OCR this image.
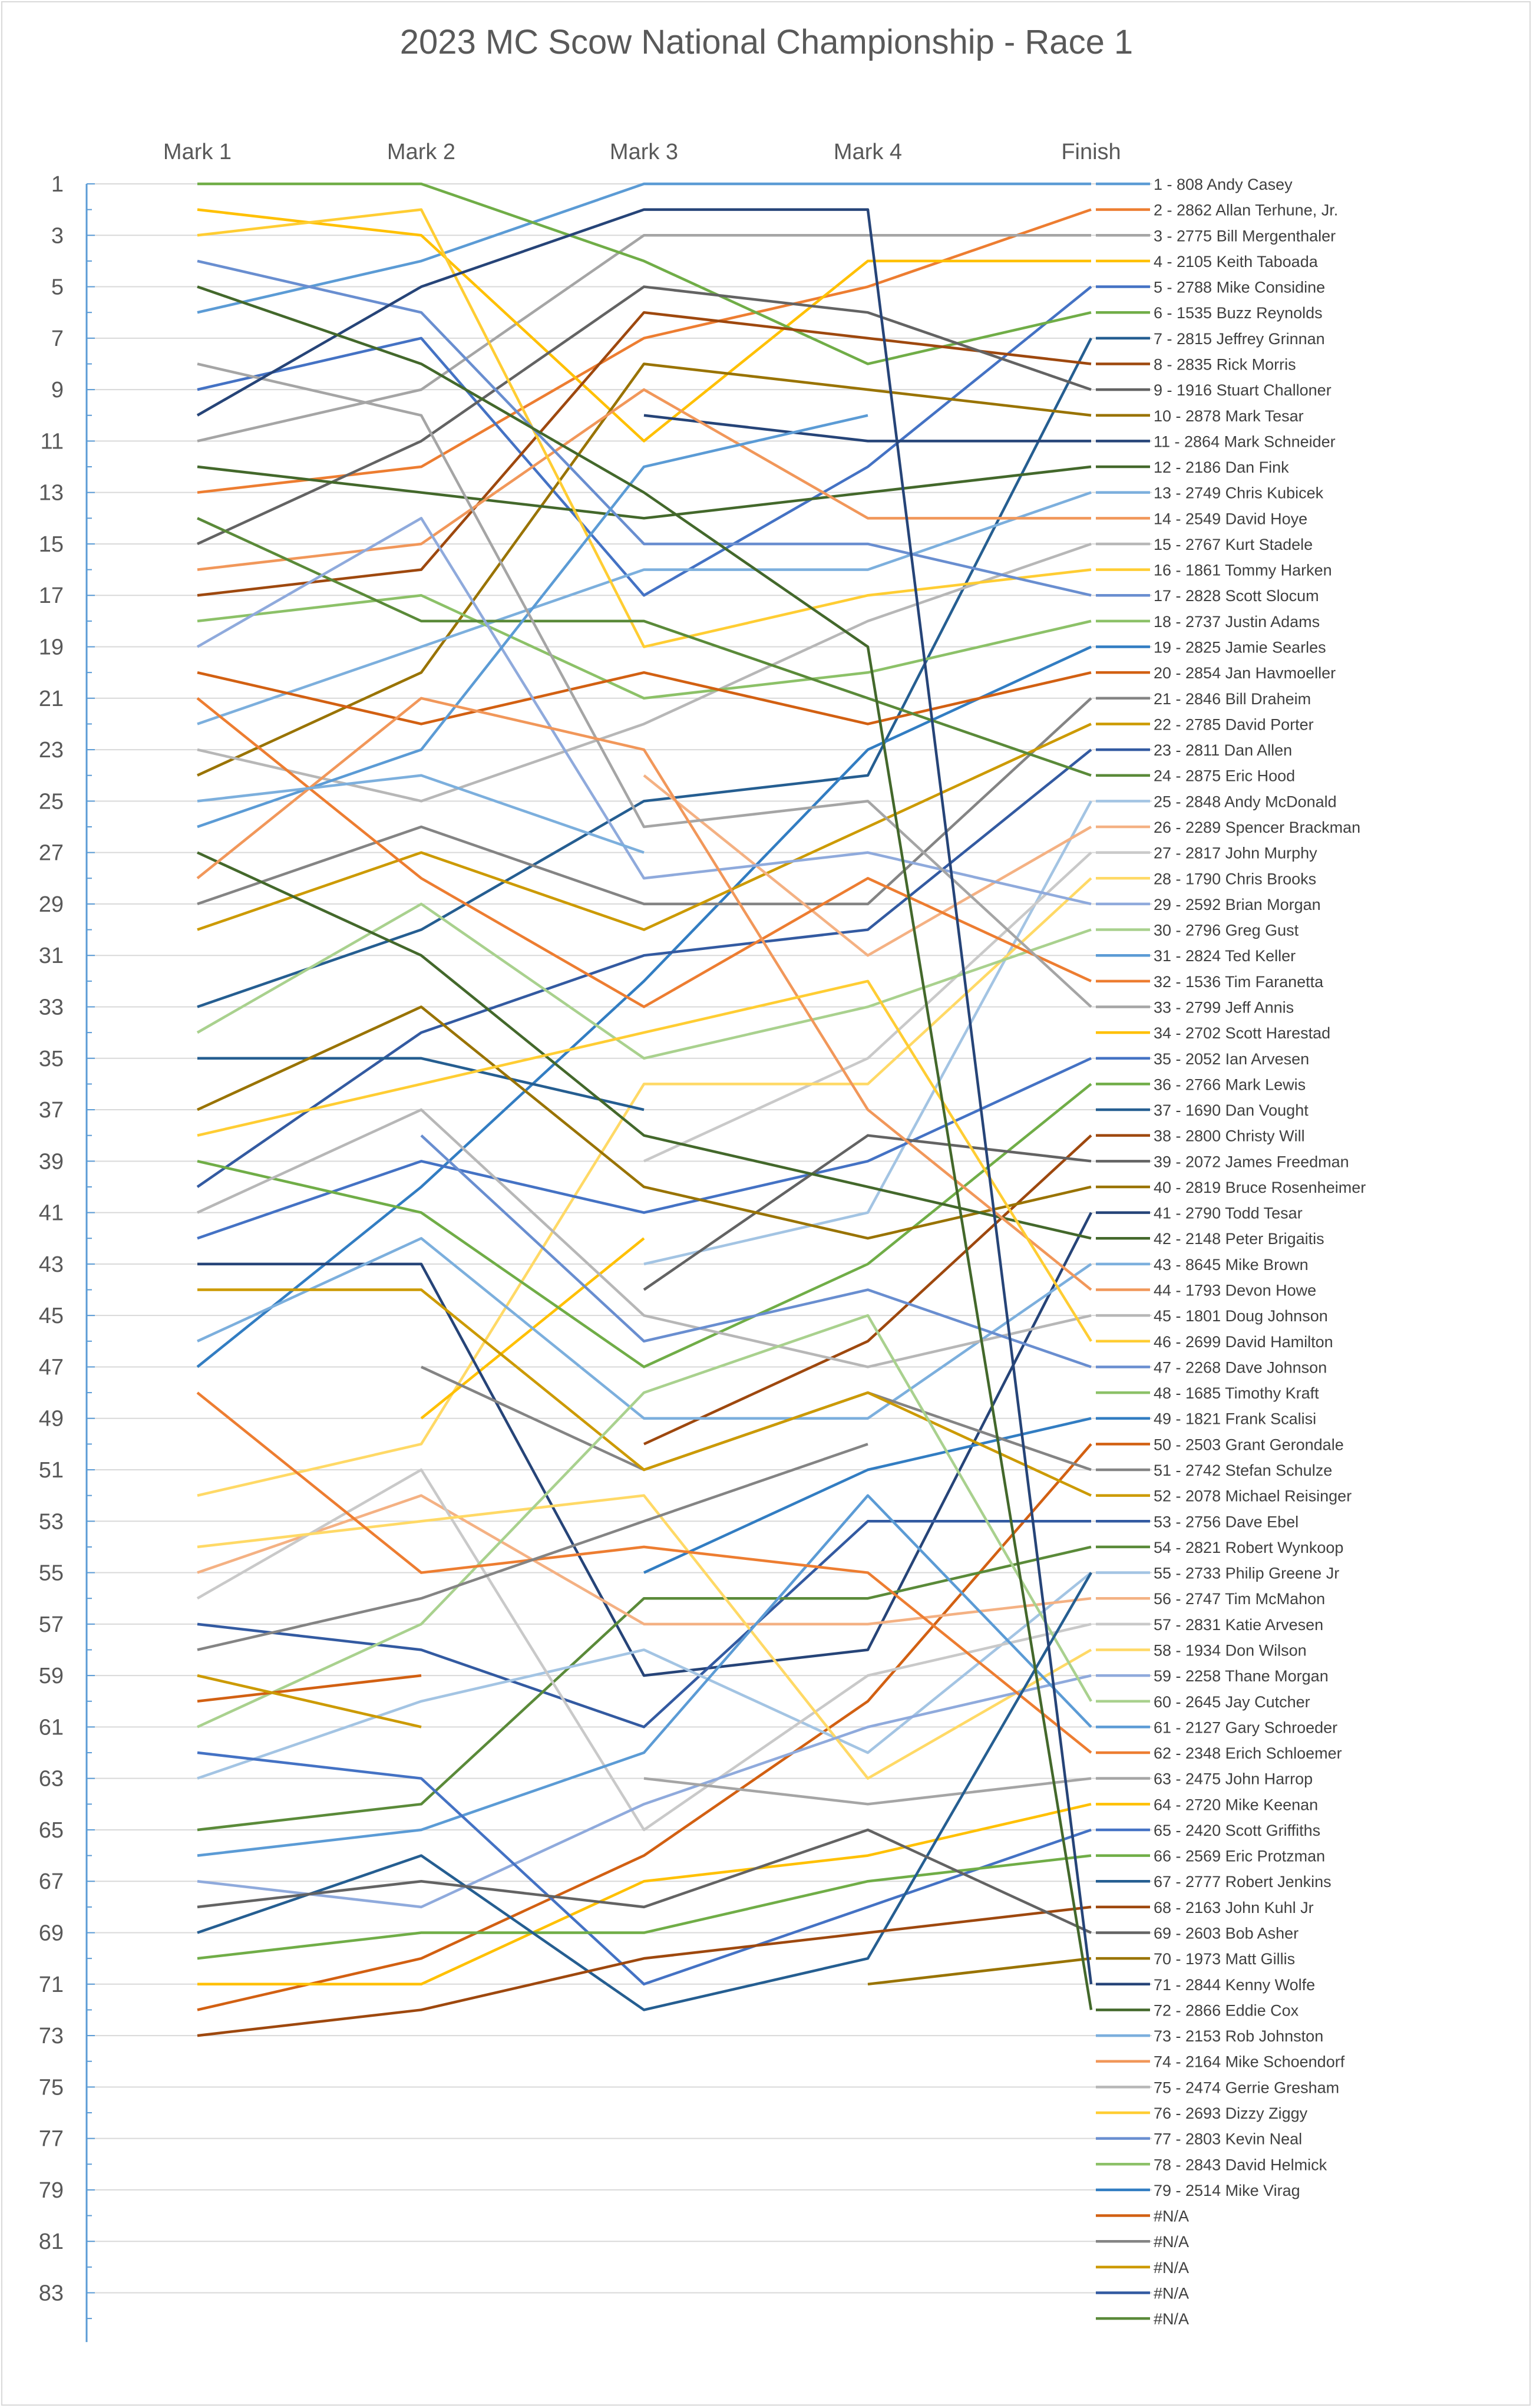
2023 MC Scow National Championship - Race 1
1
3
5
7
9
11
13
15
17
19
21
23
25
27
29
31
33
35
37
39
41
43
45
47
49
51
53
55
57
59
61
63
65
67
69
71
73
75
77
79
81
83
Mark 1	Mark 2	Mark 3	Mark 4	Finish
1 - 808 Andy Casey
2 - 2862 Allan Terhune, Jr.
3 - 2775 Bill Mergenthaler
4 - 2105 Keith Taboada
5 - 2788 Mike Considine
6 - 1535 Buzz Reynolds
7 - 2815 Jeffrey Grinnan
8 - 2835 Rick Morris
9 - 1916 Stuart Challoner
10 - 2878 Mark Tesar
11 - 2864 Mark Schneider
12 - 2186 Dan Fink
13 - 2749 Chris Kubicek
14 - 2549 David Hoye
15 - 2767 Kurt Stadele
16 - 1861 Tommy Harken
17 - 2828 Scott Slocum
18 - 2737 Justin Adams
19 - 2825 Jamie Searles
20 - 2854 Jan Havmoeller
21 - 2846 Bill Draheim
22 - 2785 David Porter
23 - 2811 Dan Allen
24 - 2875 Eric Hood
25 - 2848 Andy McDonald
26 - 2289 Spencer Brackman
27 - 2817 John Murphy
28 - 1790 Chris Brooks
29 - 2592 Brian Morgan
30 - 2796 Greg Gust
31 - 2824 Ted Keller
32 - 1536 Tim Faranetta
33 - 2799 Jeff Annis
34 - 2702 Scott Harestad
35 - 2052 Ian Arvesen
36 - 2766 Mark Lewis
37 - 1690 Dan Vought
38 - 2800 Christy Will
39 - 2072 James Freedman
40 - 2819 Bruce Rosenheimer
41 - 2790 Todd Tesar
42 - 2148 Peter Brigaitis
43 - 8645 Mike Brown
44 - 1793 Devon Howe
45 - 1801 Doug Johnson
46 - 2699 David Hamilton
47 - 2268 Dave Johnson
48 - 1685 Timothy Kraft
49 - 1821 Frank Scalisi
50 - 2503 Grant Gerondale
51 - 2742 Stefan Schulze
52 - 2078 Michael Reisinger
53 - 2756 Dave Ebel
54 - 2821 Robert Wynkoop
55 - 2733 Philip Greene Jr
56 - 2747 Tim McMahon
57 - 2831 Katie Arvesen
58 - 1934 Don Wilson
59 - 2258 Thane Morgan
60 - 2645 Jay Cutcher
61 - 2127 Gary Schroeder
62 - 2348 Erich Schloemer
63 - 2475 John Harrop
64 - 2720 Mike Keenan
65 - 2420 Scott Griffiths
66 - 2569 Eric Protzman
67 - 2777 Robert Jenkins
68 - 2163 John Kuhl Jr
69 - 2603 Bob Asher
70 - 1973 Matt Gillis
71 - 2844 Kenny Wolfe
72 - 2866 Eddie Cox
73 - 2153 Rob Johnston
74 - 2164 Mike Schoendorf
75 - 2474 Gerrie Gresham
76 - 2693 Dizzy Ziggy
77 - 2803 Kevin Neal
78 - 2843 David Helmick
79 - 2514 Mike Virag
#N/A
#N/A
#N/A
#N/A
#N/A
